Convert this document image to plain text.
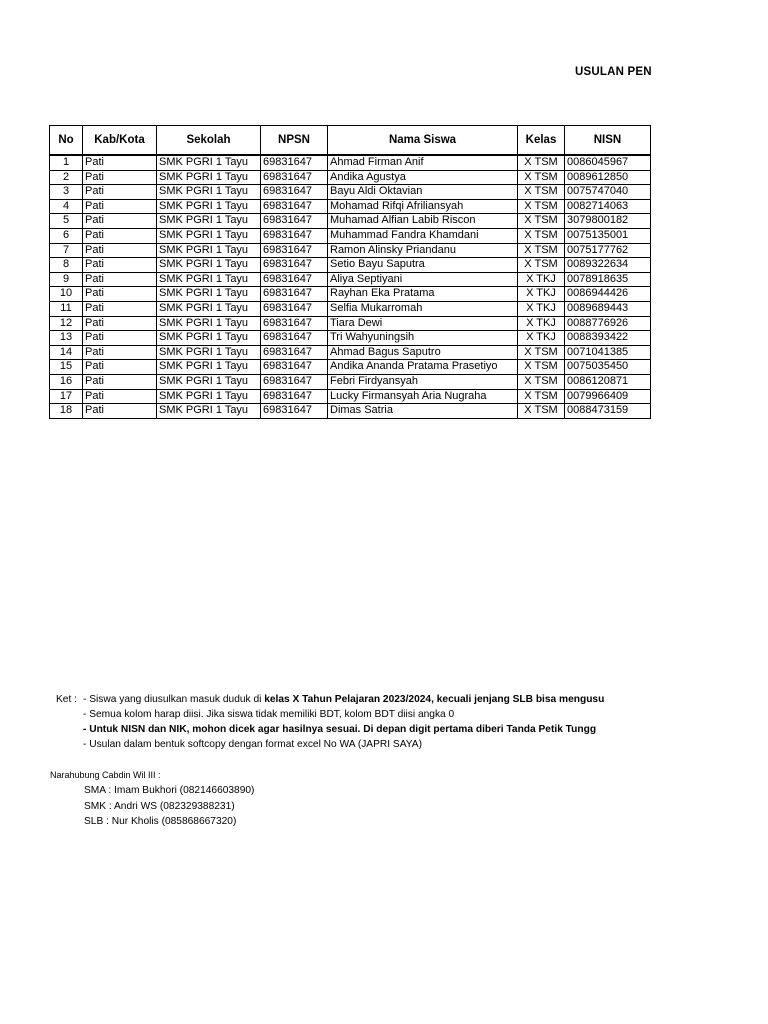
USULAN PEN
No	Kab/Kota	Sekolah	NPSN	Nama Siswa	Kelas	NISN
1	Pati	SMK PGRI 1 Tayu	69831647	Ahmad Firman Anif	X TSM	0086045967
2	Pati	SMK PGRI 1 Tayu	69831647	Andika Agustya	X TSM	0089612850
3	Pati	SMK PGRI 1 Tayu	69831647	Bayu Aldi Oktavian	X TSM	0075747040
4	Pati	SMK PGRI 1 Tayu	69831647	Mohamad Rifqi Afriliansyah	X TSM	0082714063
5	Pati	SMK PGRI 1 Tayu	69831647	Muhamad Alfian Labib Riscon	X TSM	3079800182
6	Pati	SMK PGRI 1 Tayu	69831647	Muhammad Fandra Khamdani	X TSM	0075135001
7	Pati	SMK PGRI 1 Tayu	69831647	Ramon Alinsky Priandanu	X TSM	0075177762
8	Pati	SMK PGRI 1 Tayu	69831647	Setio Bayu Saputra	X TSM	0089322634
9	Pati	SMK PGRI 1 Tayu	69831647	Aliya Septiyani	X TKJ	0078918635
10	Pati	SMK PGRI 1 Tayu	69831647	Rayhan Eka Pratama	X TKJ	0086944426
11	Pati	SMK PGRI 1 Tayu	69831647	Selfia Mukarromah	X TKJ	0089689443
12	Pati	SMK PGRI 1 Tayu	69831647	Tiara Dewi	X TKJ	0088776926
13	Pati	SMK PGRI 1 Tayu	69831647	Tri Wahyuningsih	X TKJ	0088393422
14	Pati	SMK PGRI 1 Tayu	69831647	Ahmad Bagus Saputro	X TSM	0071041385
15	Pati	SMK PGRI 1 Tayu	69831647	Andika Ananda Pratama Prasetiyo	X TSM	0075035450
16	Pati	SMK PGRI 1 Tayu	69831647	Febri Firdyansyah	X TSM	0086120871
17	Pati	SMK PGRI 1 Tayu	69831647	Lucky Firmansyah Aria Nugraha	X TSM	0079966409
18	Pati	SMK PGRI 1 Tayu	69831647	Dimas Satria	X TSM	0088473159
Ket : - Siswa yang diusulkan masuk duduk di kelas X Tahun Pelajaran 2023/2024, kecuali jenjang SLB bisa mengusu
- Semua kolom harap diisi. Jika siswa tidak memiliki BDT, kolom BDT diisi angka 0
- Untuk NISN dan NIK, mohon dicek agar hasilnya sesuai. Di depan digit pertama diberi Tanda Petik Tungg
- Usulan dalam bentuk softcopy dengan format excel No WA (JAPRI SAYA)
Narahubung Cabdin Wil III :
SMA : Imam Bukhori (082146603890)
SMK : Andri WS (082329388231)
SLB : Nur Kholis (085868667320)
